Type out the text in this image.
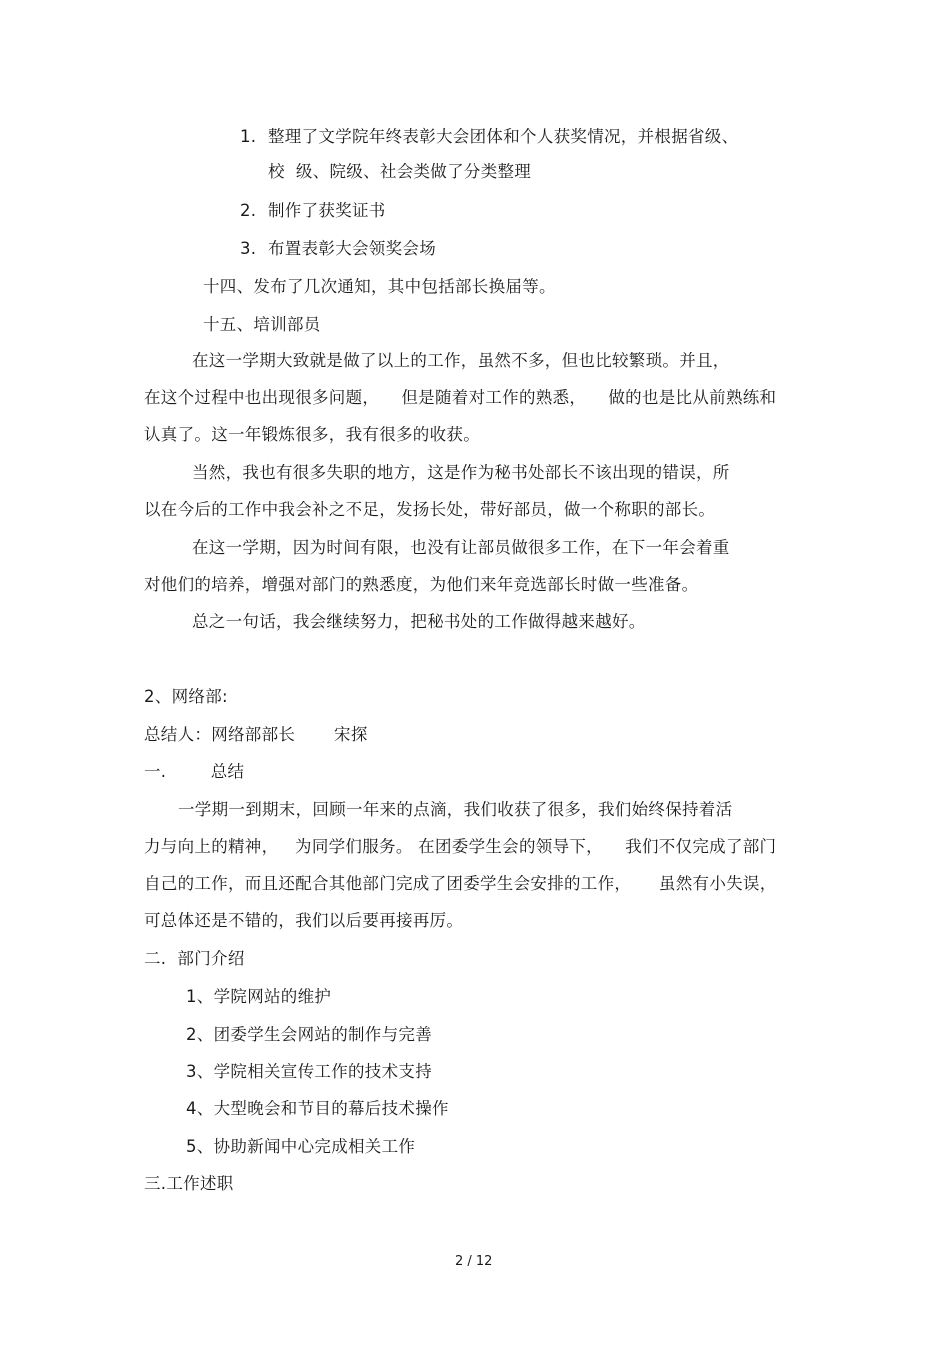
1. 整理了文学院年终表彰大会团体和个人获奖情况，并根据省级、
校  级、院级、社会类做了分类整理
2. 制作了获奖证书
3. 布置表彰大会领奖会场
十四、发布了几次通知，其中包括部长换届等。
十五、培训部员
在这一学期大致就是做了以上的工作，虽然不多，但也比较繁琐。并且，
在这个过程中也出现很多问题，    但是随着对工作的熟悉，    做的也是比从前熟练和
认真了。这一年锻炼很多，我有很多的收获。
当然，我也有很多失职的地方，这是作为秘书处部长不该出现的错误，所
以在今后的工作中我会补之不足，发扬长处，带好部员，做一个称职的部长。
在这一学期，因为时间有限，也没有让部员做很多工作，在下一年会着重
对他们的培养，增强对部门的熟悉度，为他们来年竞选部长时做一些准备。
总之一句话，我会继续努力，把秘书处的工作做得越来越好。
2、网络部:
总结人：网络部部长       宋探
一.        总结
一学期一到期末，回顾一年来的点滴，我们收获了很多，我们始终保持着活
力与向上的精神，   为同学们服务。 在团委学生会的领导下，    我们不仅完成了部门
自己的工作，而且还配合其他部门完成了团委学生会安排的工作，     虽然有小失误，
可总体还是不错的，我们以后要再接再厉。
二.  部门介绍
1、学院网站的维护
2、团委学生会网站的制作与完善
3、学院相关宣传工作的技术支持
4、大型晚会和节目的幕后技术操作
5、协助新闻中心完成相关工作
三.工作述职
2 / 12
